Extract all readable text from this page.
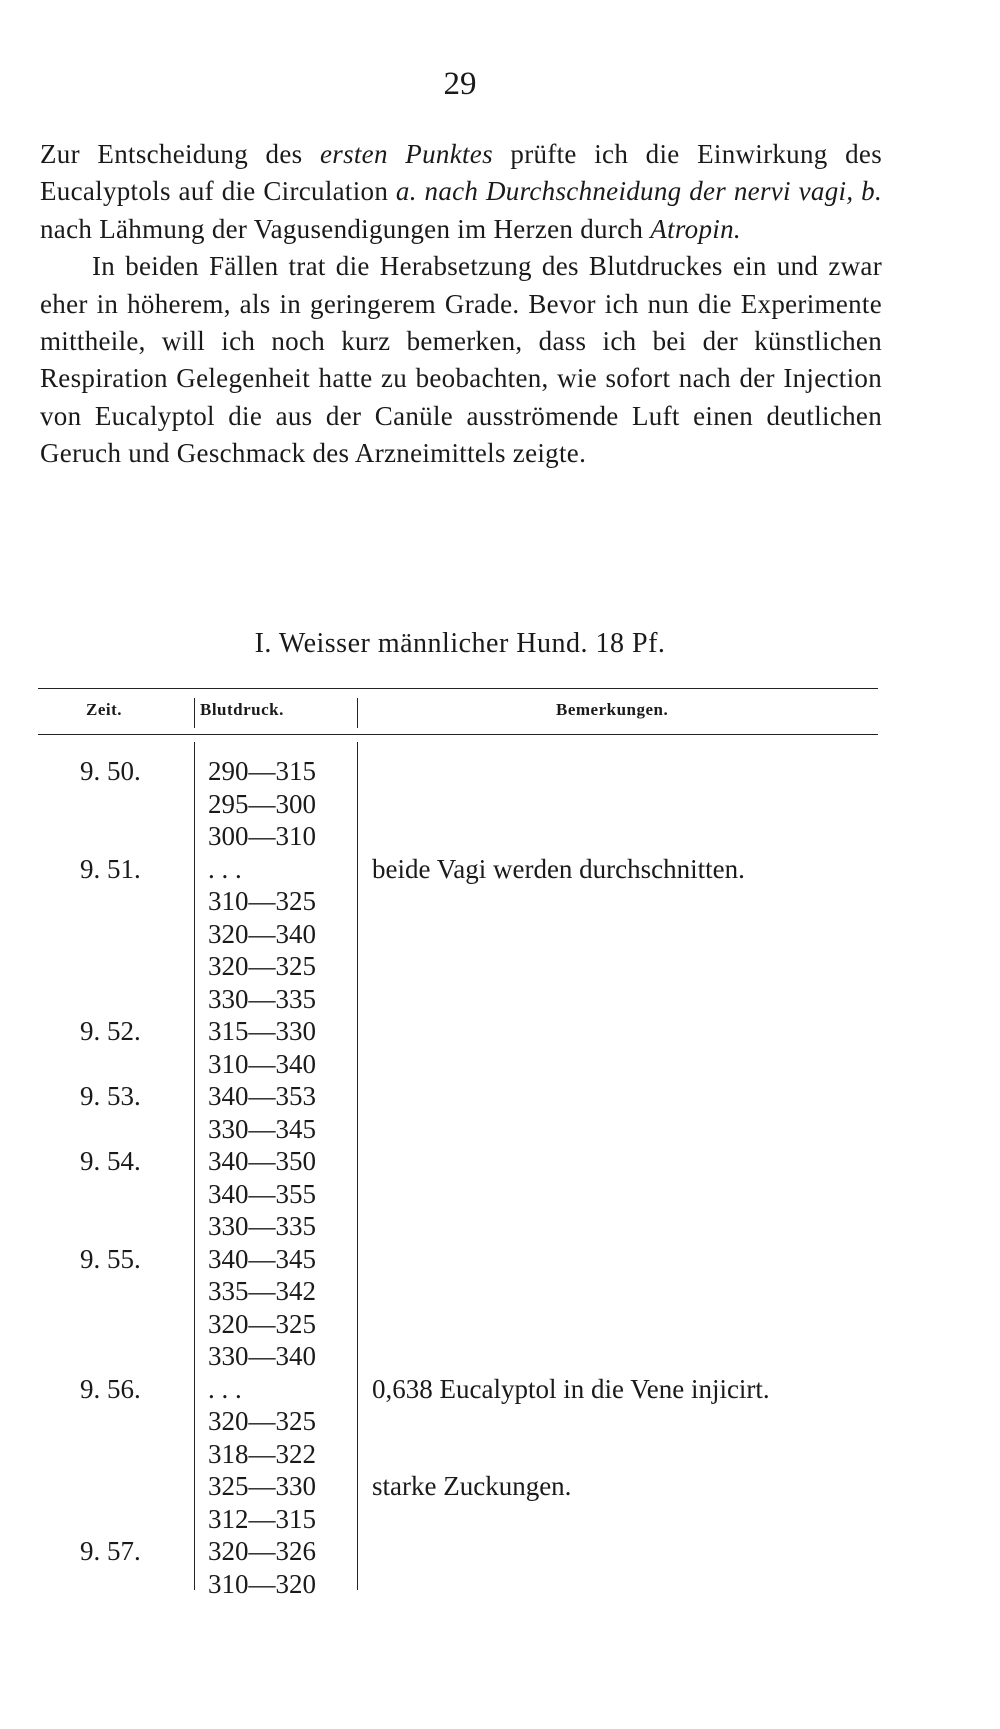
29

Zur Entscheidung des ersten Punktes prüfte ich die Einwirkung des Eucalyptols auf die Circulation a. nach Durchschneidung der nervi vagi, b. nach Lähmung der Vagusendigungen im Herzen durch Atropin.

In beiden Fällen trat die Herabsetzung des Blutdruckes ein und zwar eher in höherem, als in geringerem Grade. Bevor ich nun die Experimente mittheile, will ich noch kurz bemerken, dass ich bei der künstlichen Respiration Gelegenheit hatte zu beobachten, wie sofort nach der Injection von Eucalyptol die aus der Canüle ausströmende Luft einen deutlichen Geruch und Geschmack des Arzneimittels zeigte.

I. Weisser männlicher Hund. 18 Pf.
Zeit.	Blutdruck.	Bemerkungen.
9. 50.	290—315
295—300
300—310
9. 51.	. . .	beide Vagi werden durchschnitten.
310—325
320—340
320—325
330—335
9. 52.	315—330
310—340
9. 53.	340—353
330—345
9. 54.	340—350
340—355
330—335
9. 55.	340—345
335—342
320—325
330—340
9. 56.	. . .	0,638 Eucalyptol in die Vene injicirt.
320—325
318—322
325—330	starke Zuckungen.
312—315
9. 57.	320—326
310—320
